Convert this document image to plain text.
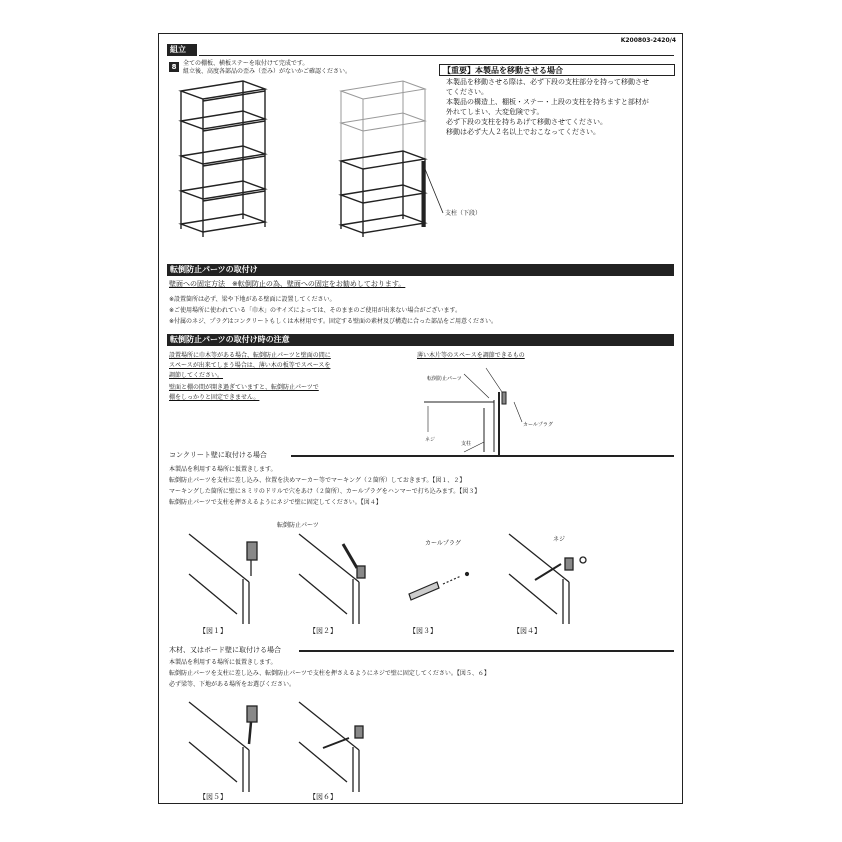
K200803-2420/4
組立
8	全ての棚板、横板ステーを取付けて完成です。
組立後、高度各部品の歪み（歪み）がないかご確認ください。
支柱（下段）
【重要】本製品を移動させる場合
本製品を移動させる際は、必ず下段の支柱部分を持って移動させ
てください。
本製品の構造上、棚板・ステー・上段の支柱を持ちますと部材が
外れてしまい、大変危険です。
必ず下段の支柱を持ちあげて移動させてください。
移動は必ず大人２名以上でおこなってください。
転倒防止パーツの取付け
壁面への固定方法　※転倒防止の為、壁面への固定をお勧めしております。
※設置箇所は必ず、梁や下地がある壁面に設置してください。
※ご使用場所に使われている「巾木」のサイズによっては、そのままのご使用が出来ない場合がございます。
※付属のネジ、プラグはコンクリートもしくは木材用です。固定する壁面の素材及び構造に合った部品をご用意ください。
転倒防止パーツの取付け時の注意
設置場所に巾木等がある場合、転倒防止パーツと壁面の間に
スペースが出来てしまう場合は、薄い木の板等でスペースを
調節してください。
壁面と棚の間が開き過ぎていますと、転倒防止パーツで
棚をしっかりと固定できません。
薄い木片等のスペースを調節できるもの
転倒防止パーツ
カールプラグ
ネジ
支柱
コンクリート壁に取付ける場合
本製品を利用する場所に仮置きします。
転倒防止パーツを支柱に差し込み、位置を決めマーカー等でマーキング（２箇所）しておきます。【図１、２】
マーキングした箇所に壁に８ミリのドリルで穴をあけ（２箇所）、カールプラグをハンマーで打ち込みます。【図３】
転倒防止パーツで支柱を押さえるようにネジで壁に固定してください。【図４】
転倒防止パーツ
【図１】	【図２】
カールプラグ
【図３】
ネジ
【図４】
木材、又はボード壁に取付ける場合
本製品を利用する場所に仮置きします。
転倒防止パーツを支柱に差し込み、転倒防止パーツで支柱を押さえるようにネジで壁に固定してください。【図５、６】
必ず梁等、下地がある場所をお選びください。
【図５】	【図６】
